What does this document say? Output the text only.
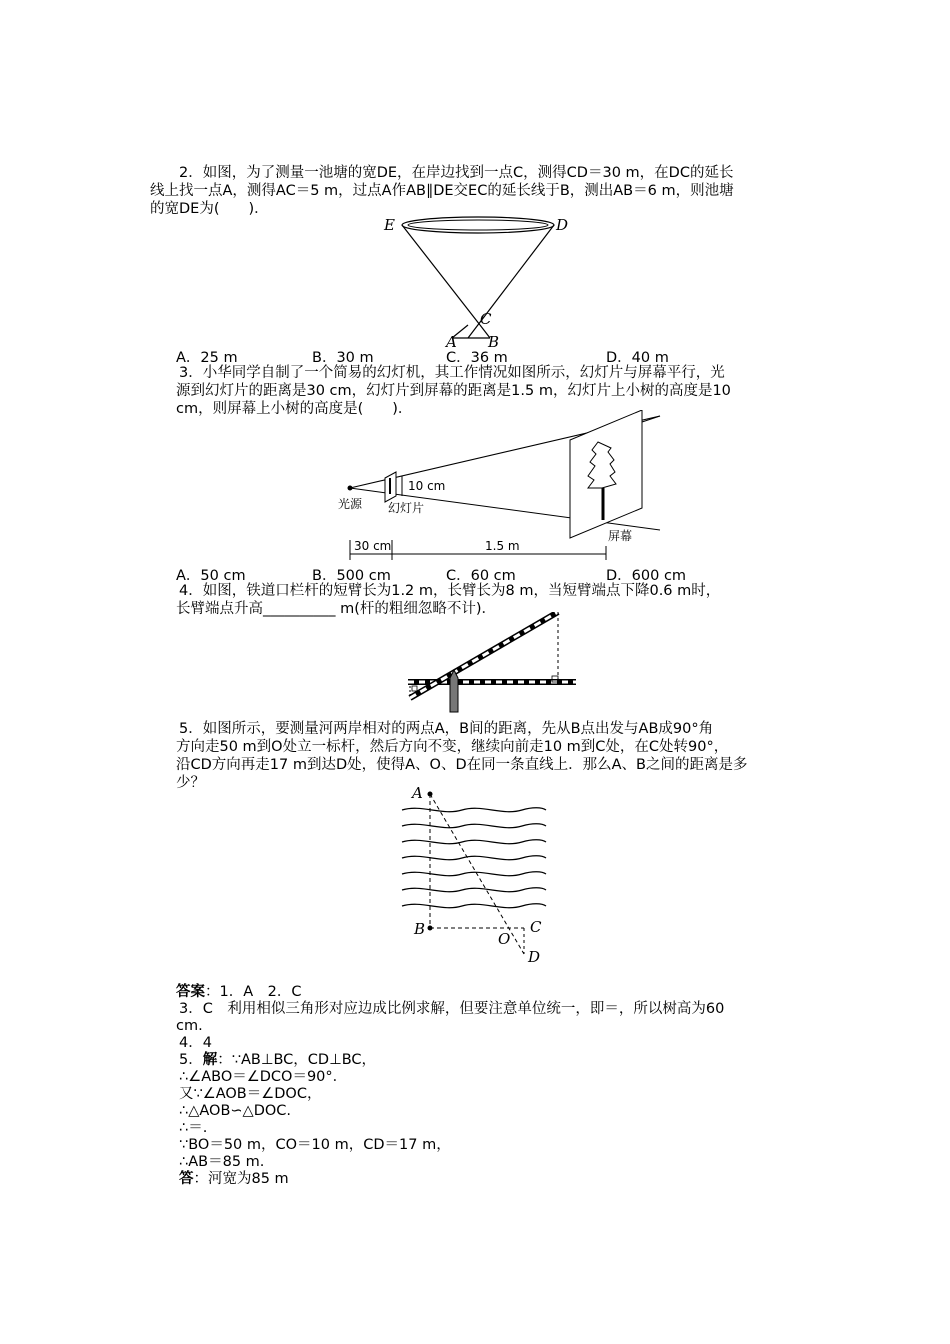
　　2．如图，为了测量一池塘的宽DE，在岸边找到一点C，测得CD＝30 m，在DC的延长
线上找一点A，测得AC＝5 m，过点A作AB∥DE交EC的延长线于B，测出AB＝6 m，则池塘
的宽DE为(　　)．
E	D
A
C
B
A．25 m	B．30 m	C．36 m	D．40 m
　　3．小华同学自制了一个简易的幻灯机，其工作情况如图所示，幻灯片与屏幕平行，光
源到幻灯片的距离是30 cm，幻灯片到屏幕的距离是1.5 m，幻灯片上小树的高度是10
cm，则屏幕上小树的高度是(　　)．
10 cm
光源 幻灯片
屏幕
30 cm	1.5 m
A．50 cm	B．500 cm	C．60 cm	D．600 cm
　　4．如图，铁道口栏杆的短臂长为1.2 m，长臂长为8 m，当短臂端点下降0.6 m时，
长臂端点升高__________ m(杆的粗细忽略不计)．
　　5．如图所示，要测量河两岸相对的两点A，B间的距离，先从B点出发与AB成90°角
方向走50 m到O处立一标杆，然后方向不变，继续向前走10 m到C处，在C处转90°，
沿CD方向再走17 m到达D处，使得A、O、D在同一条直线上．那么A、B之间的距离是多
少？
A
B
O
C
D
答案：1．A　2．C
　　3．C　利用相似三角形对应边成比例求解，但要注意单位统一，即＝，所以树高为60
cm.
　　4．4
　　5．解：∵AB⊥BC，CD⊥BC，
　　∴∠ABO＝∠DCO＝90°．
　　又∵∠AOB＝∠DOC，
　　∴△AOB∽△DOC.
　　∴＝.
　　∵BO＝50 m，CO＝10 m，CD＝17 m，
　　∴AB＝85 m.
　　答：河宽为85 m
